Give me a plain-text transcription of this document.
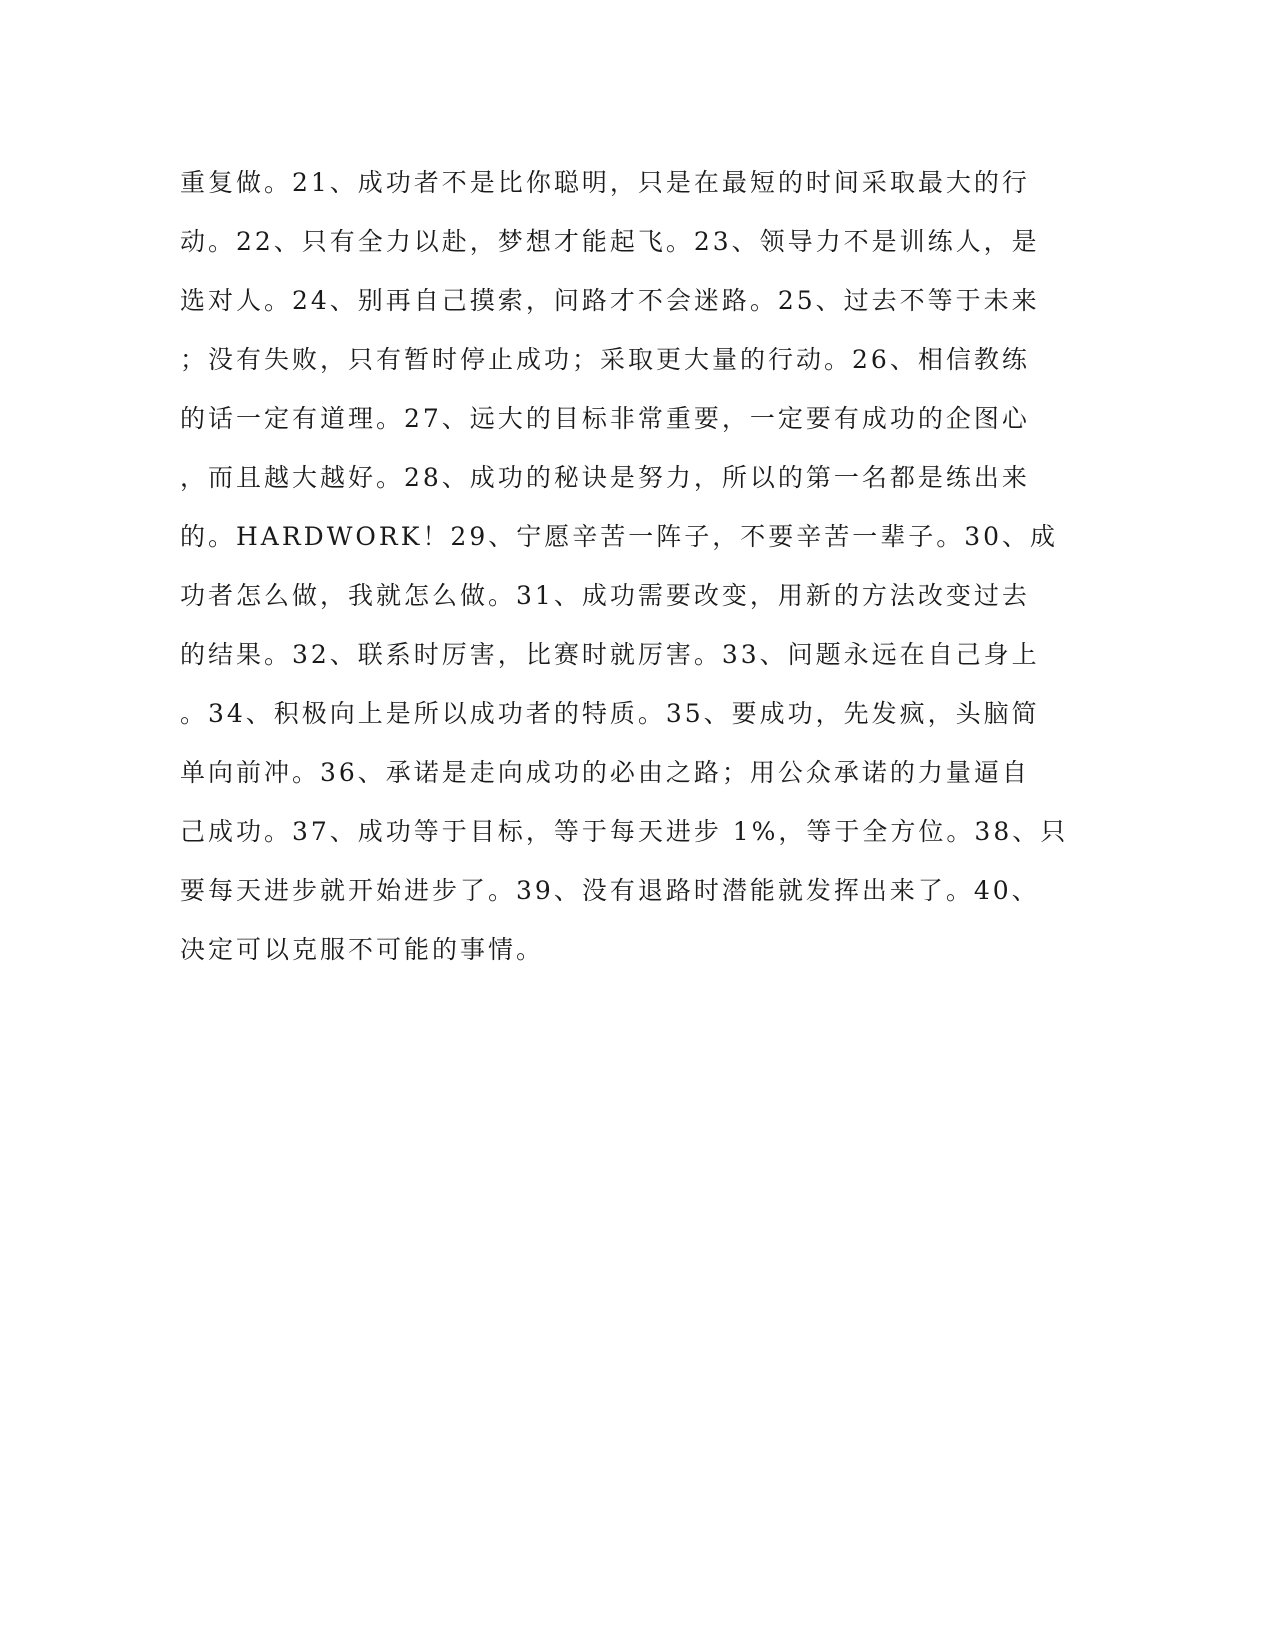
重复做。21、成功者不是比你聪明，只是在最短的时间采取最大的行
动。22、只有全力以赴，梦想才能起飞。23、领导力不是训练人，是
选对人。24、别再自己摸索，问路才不会迷路。25、过去不等于未来
；没有失败，只有暂时停止成功；采取更大量的行动。26、相信教练
的话一定有道理。27、远大的目标非常重要，一定要有成功的企图心
，而且越大越好。28、成功的秘诀是努力，所以的第一名都是练出来
的。HARDWORK！29、宁愿辛苦一阵子，不要辛苦一辈子。30、成
功者怎么做，我就怎么做。31、成功需要改变，用新的方法改变过去
的结果。32、联系时厉害，比赛时就厉害。33、问题永远在自己身上
。34、积极向上是所以成功者的特质。35、要成功，先发疯，头脑简
单向前冲。36、承诺是走向成功的必由之路；用公众承诺的力量逼自
己成功。37、成功等于目标，等于每天进步 1%，等于全方位。38、只
要每天进步就开始进步了。39、没有退路时潜能就发挥出来了。40、
决定可以克服不可能的事情。
